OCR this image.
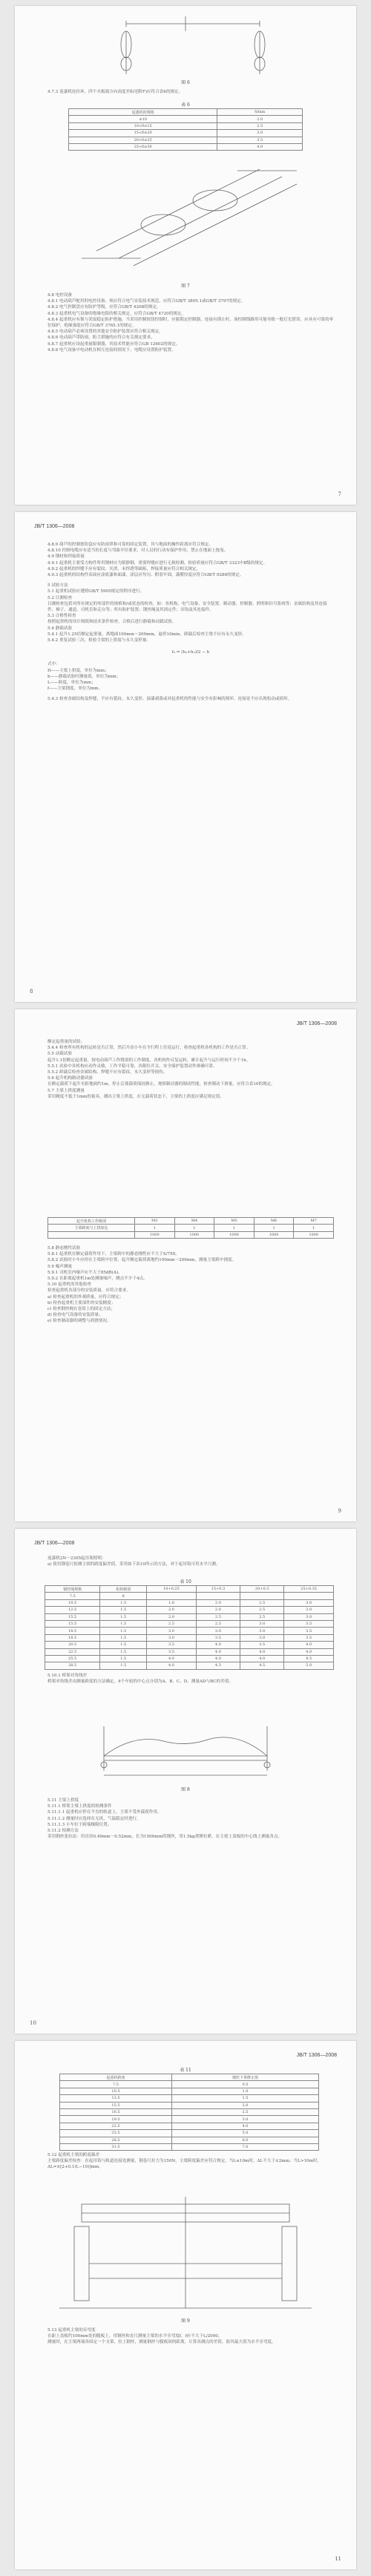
图 6
4.7.3 返漆机连挂环，四个夹板端方向高度差δ(见附F)应符合表6的规定。
表 6
返漆机的规格	δ/mm
≤10	2.0
10<δ≤15	2.5
15<δ≤20	3.0
20<δ≤25	3.5
25<δ≤30	4.0
图 7

4.8 电控设备

4.8.1 电动葫芦配用的电控设备，须应符合电气安装技术规范，应符合GB/T 3805.1或GB/T 3797的规定。

4.8.2 电气控制盘应有防护等级，应符合GB/T 4208的规定。

4.8.3 起重机电气设备的绝缘电阻的相关规定，应符合GB/T 4720的规定。

4.8.4 起重机应有锁与采取稳定防护措施，当采用控制按钮控制时，应能锁定控制器，连接有锁止时，该控制线路用可能导致一般灯光错误，应具有可靠的零位保护，绝缘强度应符合GB/T 3765.1的规定。

4.8.5 电动葫芦必须设置的其他安全防护装置应符合相关规定。

4.8.6 电动葫芦带防雨、防尘措施的应符合有关规定要求。

4.8.7 起重机应设起重量限制器，其技术性能应符合GB 12602的规定。

4.8.8 电气设备中电动机在相互连接的情况下，电缆应设置防护装置。

7
JB/T 1306—2008

4.8.9 葫芦的控制按钮盒应有防雨罩和可靠的固定装置，其与地面的操作距离应符合规定。

4.8.10 控制电缆应有适当的长度与弯曲半径要求，对人员的行动有保护作用，禁止在地面上拖曳。

4.9 钢材和焊接质量

4.9.1 起重机主要受力构件所用钢材应为镇静钢，重要焊缝应进行无损检测，检验质量应符合GB/T 3323中Ⅱ级的规定。

4.9.2 起重机的焊缝不应有裂纹、夹渣、未焊透等缺陷，焊接质量应符合相关规定。

4.9.3 起重机的结构件表面应涂底漆和面漆，涂层应均匀、附着牢固，漆膜厚度应符合GB/T 9286的规定。

5 试验方法

5.1 起重机试验应遵照GB/T 5905规定的程序进行。

5.2 目测检查

目测检查包括对所有规定的零部件的规格和/或状态的检查，如：各机构、电气设备、安全装置、制动器、控制器、照明和信号系统等；金属结构及其连接件、梯子、通道、司机室和走台等；所有防护装置；钢丝绳及其固定件；吊钩及其连接件。

5.3 合格性检查

按照起重机的设计图纸和技术条件检查，合格后进行静载和动载试验。

5.4 静载试验

5.4.1 起升1.25倍额定起重量，离地面100mm～200mm，悬停10min，卸载后检查主梁不应有永久变形。

5.4.2 重复试验三次，检验主梁的上拱度与永久变形量。

f₀ = (h₁+h₂)/2 − h

式中：

H——主梁上拱度，单位为mm；

h——静载试验时测量值，单位为mm；

L——跨度，单位为mm；

f——主梁挠度，单位为mm。

5.4.3 检查金属结构及焊缝，不应有裂纹、永久变形、油漆剥落或对起重机的性能与安全有影响的损坏，连接处不应出现松动或损坏。

8
JB/T 1306—2008

额定起重量的试验。

5.4.4 检查所有机构的运转是否正常，然后开动小车在全行程上往返运行，检查起重机各机构的工作是否正常。

5.5 动载试验

起升1.1倍额定起重量，按电动葫芦工作级别的工作制度，各机构作反复运转，累计起升与运行时间不少于1h。

5.5.1 试验中各机构应动作灵敏，工作平稳可靠，各限位开关、安全保护装置动作准确可靠。

5.5.2 卸载后检查金属结构、焊缝不应有裂纹、永久变形等损伤。

5.6 起升机构制动器试验

在额定载荷下起升至距地面约1m，停止后使载荷保持静止，观察制动器的制动性能，检查制动下滑量，应符合表10的规定。

5.7 主梁上拱度测量

采用精度不低于1mm的量具，测出主梁上拱度，在无载荷状态下，主梁的上拱度应满足规定值。

起升机构工作级别	M3	M4	M5	M6	M7
主梁跨度与上拱度比	1	1	1	1	1
	1000	1000	1000	1000	1000

5.8 静态刚性试验

5.8.1 起重机在额定载荷作用下，主梁跨中的静态刚性应不大于S/750。

5.8.2 试验时小车应停在主梁跨中位置，起升额定载荷离地约100mm～200mm，测量主梁跨中挠度。

5.9 噪声测量

5.9.1 司机室内噪声应不大于85dB(A)。

5.9.2 在距离起重机1m处测量噪声，测点不少于4点。

5.10 起重机的其他检查

检查起重机各部分的安装质量，应符合要求。

a) 检查起重机的外观质量，应符合规定；

b) 检查起重机主要部件的安装精度；

c) 检查钢丝绳在卷筒上的固定方法；

d) 检查电气设备的安装质量；

e) 检查制动器的调整与润滑情况。

9
JB/T 1306—2008

返漆机2N～2305起吊架照明：

a) 使用钢卷尺检测主梁的跨度偏差值，采用如下表10所示的方法，对于起吊钩可用水平尺测。

表 10
钢丝绳规格	机构级别	10+0.25	15+0.3	20+0.3	25+0.35
7.5	8				
10.5	1.5	1.8	2.0	2.5	3.0
12.5	1.5	2.0	2.0	2.5	3.0
15.5	1.5	2.0	2.5	2.5	3.0
15.5	1.5	2.5	2.5	3.0	3.5
18.5	1.5	3.0	3.0	3.0	3.5
18.5	1.5	3.0	3.5	3.0	3.5
20.5	1.5	3.5	4.0	3.5	4.0
22.5	1.5	3.5	4.0	4.0	4.0
25.5	1.5	4.0	4.0	4.0	4.5
28.5	1.5	4.0	4.5	4.5	5.0

5.10.1 桥架对角线差

桥架对角线差由测量跨度的方法确定，4个车轮的中心点分别为A、B、C、D，测量AD与BC的差值。

图 8

5.11 主梁上拱度

5.11.1 桥架主梁上拱度的检测条件

5.11.1.1 起重机应停在平直的轨道上，主梁不受外载荷作用。

5.11.1.2 测量时应选择在无风，气温稳定时进行。

5.11.1.3 小车位于跨端极限位置。

5.11.2 检测方法

采用钢丝张拉法：用直径0.49mm～0.52mm，长为1500mm的钢丝，用1.5kg重锤拉紧，在主梁上盖板的中心线上测量各点。

10
JB/T 1306—2008
表 11
起重机跨度	钢丝下垂修正值
7.5	0.5
10.5	1.0
13.5	1.5
15.5	2.0
16.5	2.5
19.5	3.0
22.5	4.0
25.5	5.0
28.5	6.0
31.5	7.0

5.12 起重机主梁的跨度偏差

主梁跨度偏差检查：在起吊钩与轨道连接处测量，钢卷尺拉力为150N，主梁跨度偏差应符合规定。当L≤10m时，ΔL不大于±2mm；当L>10m时，ΔL=±[2+0.1(L−10)]mm。

图 9

5.13 起重机主梁的旁弯度

在距上盖板约100mm处的腹板上，用钢丝和直尺测量主梁的水平旁弯度f，f应不大于L/2000。

测量时，在主梁两端各固定一个支架，拉上钢丝，测量钢丝与腹板间的距离，计算各测点的差值，取其最大值为水平旁弯度。

11
